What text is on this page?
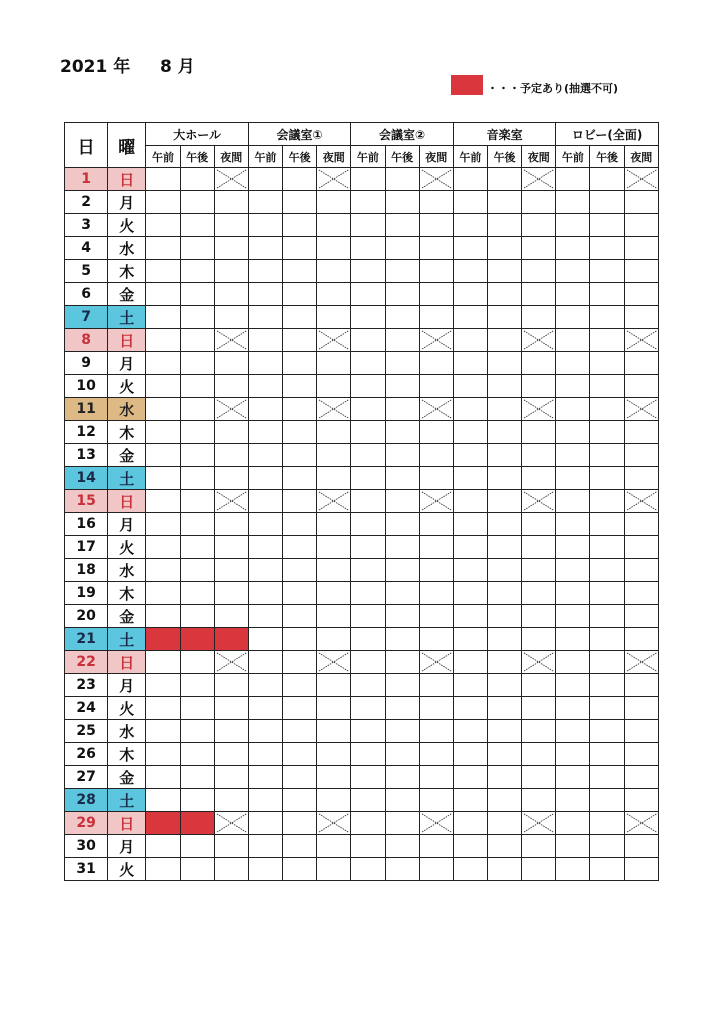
2021 年 8 月
・・・予定あり(抽選不可)
日	曜	大ホール			会議室①			会議室②			音楽室			ロビー(全面)		
		午前	午後	夜間	午前	午後	夜間	午前	午後	夜間	午前	午後	夜間	午前	午後	夜間
1	日			

2	月															
3	火															
4	水															
5	木															
6	金															
7	土															
8	日			

9	月															
10	火															
11	水			

12	木															
13	金															
14	土															
15	日			

16	月															
17	火															
18	水															
19	木															
20	金															
21	土															
22	日			

23	月															
24	火															
25	水															
26	木															
27	金															
28	土															
29	日			

30	月															
31	火															
